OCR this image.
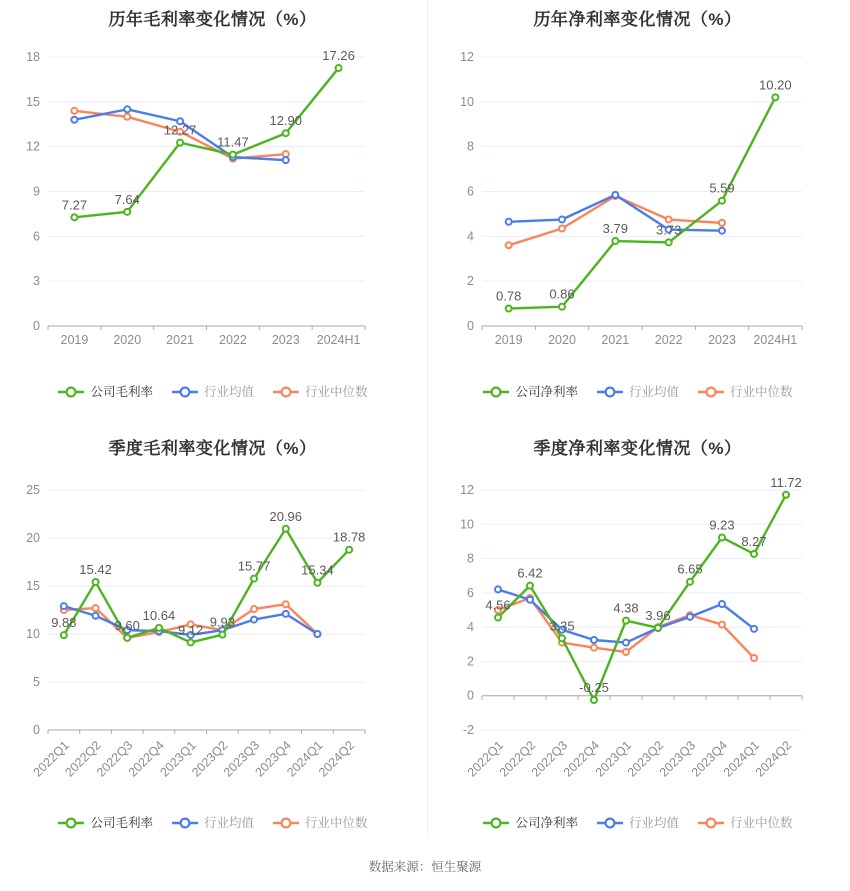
0
3
6
9
12
15
18
2019 2020 2021 2022 2023 2024H1
7.27 7.64
12.27
11.47
12.90
17.26
历年毛利率变化情况（%）
公司毛利率	行业均值	行业中位数
0
2
4
6
8
10
12
2019 2020 2021 2022 2023 2024H1
0.78 0.86
3.79 3.73
5.59
10.20
历年净利率变化情况（%）
公司净利率	行业均值	行业中位数
0
5
10
15
20
25
2022Q1
2022Q2
2022Q3
2022Q4
2023Q1
2023Q2
2023Q3
2023Q4
2024Q1
2024Q2
9.88
15.42
9.60
10.64
9.12
9.93
15.77
20.96
15.34
18.78
季度毛利率变化情况（%）
公司毛利率	行业均值	行业中位数
-2
0
2
4
6
8
10
12
2022Q1
2022Q2
2022Q3
2022Q4
2023Q1
2023Q2
2023Q3
2023Q4
2024Q1
2024Q2
4.56
6.42
3.35
-0.25
4.38 3.96
6.65
9.23
8.27
11.72
季度净利率变化情况（%）
公司净利率	行业均值	行业中位数
数据来源：恒生聚源
